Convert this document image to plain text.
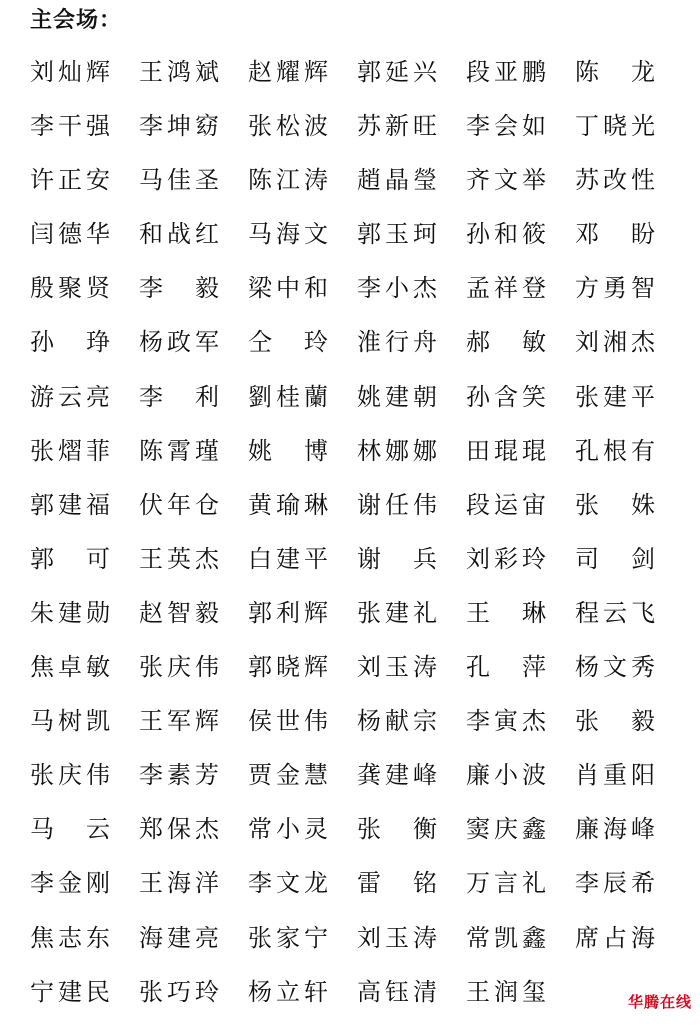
主会场：
刘 灿 辉 王 鸿 斌 赵 耀 辉 郭 延 兴 段 亚 鹏 陈 龙
李 干 强 李 坤 窈 张 松 波 苏 新 旺 李 会 如 丁 晓 光
许 正 安 马 佳 圣 陈 江 涛 趙 晶 瑩 齐 文 举 苏 改 性
闫 德 华 和 战 红 马 海 文 郭 玉 珂 孙 和 筱 邓 盼
殷 聚 贤 李 毅 梁 中 和 李 小 杰 孟 祥 登 方 勇 智
孙 琤 杨 政 军 仝 玲 淮 行 舟 郝 敏 刘 湘 杰
游 云 亮 李 利 劉 桂 蘭 姚 建 朝 孙 含 笑 张 建 平
张 熠 菲 陈 霄 瑾 姚 博 林 娜 娜 田 琨 琨 孔 根 有
郭 建 福 伏 年 仓 黄 瑜 琳 谢 任 伟 段 运 宙 张 姝
郭 可 王 英 杰 白 建 平 谢 兵 刘 彩 玲 司 剑
朱 建 勋 赵 智 毅 郭 利 辉 张 建 礼 王 琳 程 云 飞
焦 卓 敏 张 庆 伟 郭 晓 辉 刘 玉 涛 孔 萍 杨 文 秀
马 树 凯 王 军 辉 侯 世 伟 杨 献 宗 李 寅 杰 张 毅
张 庆 伟 李 素 芳 贾 金 慧 龚 建 峰 廉 小 波 肖 重 阳
马 云 郑 保 杰 常 小 灵 张 衡 窦 庆 鑫 廉 海 峰
李 金 刚 王 海 洋 李 文 龙 雷 铭 万 言 礼 李 辰 希
焦 志 东 海 建 亮 张 家 宁 刘 玉 涛 常 凯 鑫 席 占 海
宁 建 民 张 巧 玲 杨 立 轩 高 钰 清 王 润 玺	华腾在线
